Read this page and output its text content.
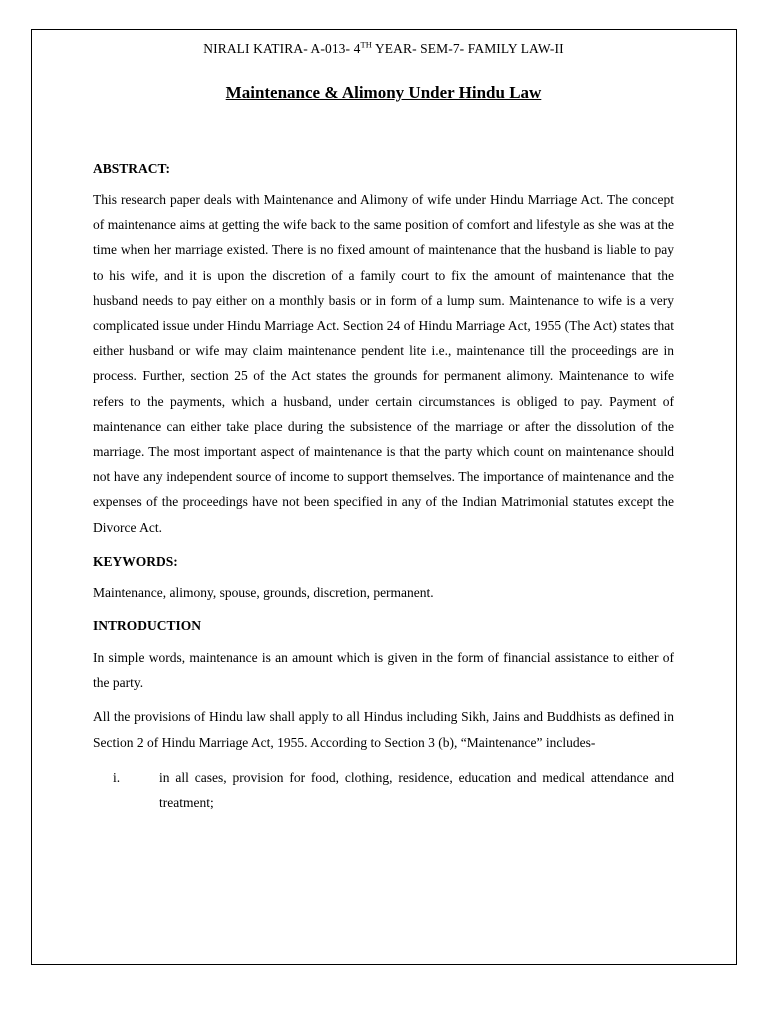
NIRALI KATIRA- A-013- 4TH YEAR- SEM-7- FAMILY LAW-II
Maintenance & Alimony Under Hindu Law
ABSTRACT:

This research paper deals with Maintenance and Alimony of wife under Hindu Marriage Act. The concept of maintenance aims at getting the wife back to the same position of comfort and lifestyle as she was at the time when her marriage existed. There is no fixed amount of maintenance that the husband is liable to pay to his wife, and it is upon the discretion of a family court to fix the amount of maintenance that the husband needs to pay either on a monthly basis or in form of a lump sum. Maintenance to wife is a very complicated issue under Hindu Marriage Act. Section 24 of Hindu Marriage Act, 1955 (The Act) states that either husband or wife may claim maintenance pendent lite i.e., maintenance till the proceedings are in process. Further, section 25 of the Act states the grounds for permanent alimony. Maintenance to wife refers to the payments, which a husband, under certain circumstances is obliged to pay. Payment of maintenance can either take place during the subsistence of the marriage or after the dissolution of the marriage. The most important aspect of maintenance is that the party which count on maintenance should not have any independent source of income to support themselves. The importance of maintenance and the expenses of the proceedings have not been specified in any of the Indian Matrimonial statutes except the Divorce Act.

KEYWORDS:

Maintenance, alimony, spouse, grounds, discretion, permanent.

INTRODUCTION

In simple words, maintenance is an amount which is given in the form of financial assistance to either of the party.

All the provisions of Hindu law shall apply to all Hindus including Sikh, Jains and Buddhists as defined in Section 2 of Hindu Marriage Act, 1955. According to Section 3 (b), “Maintenance” includes-

i.	in all cases, provision for food, clothing, residence, education and medical attendance and treatment;
